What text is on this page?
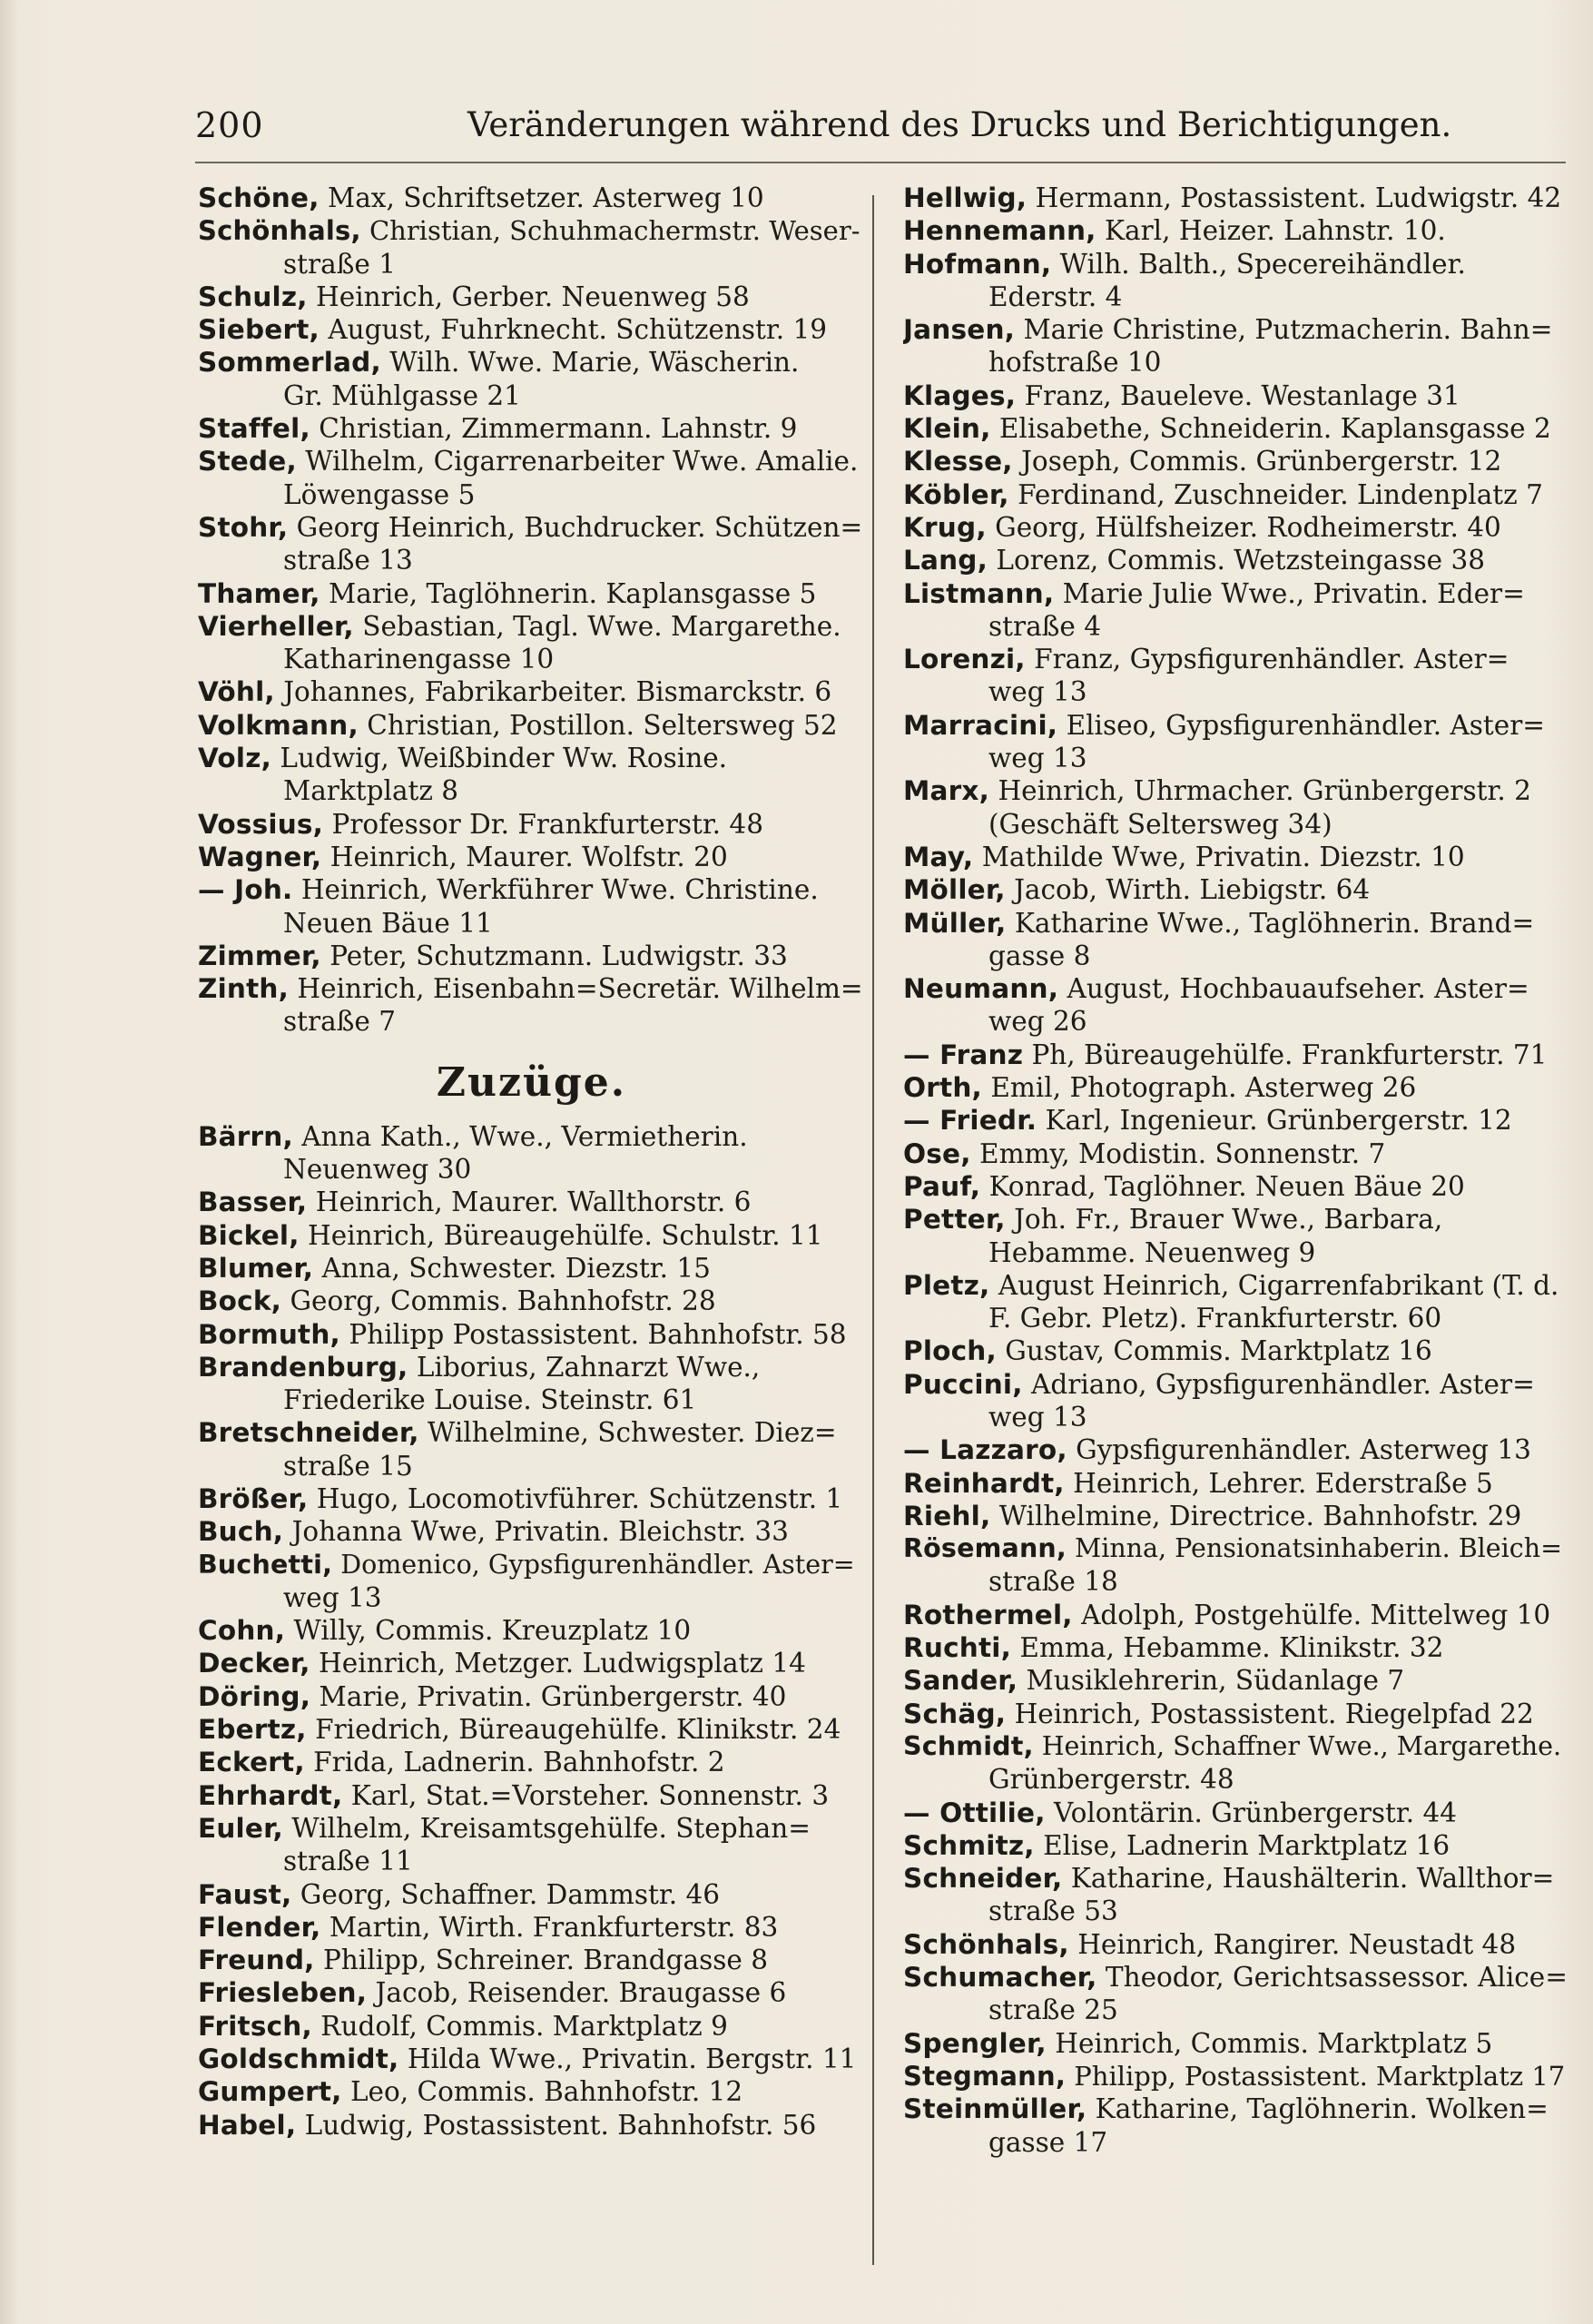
200	Veränderungen während des Drucks und Berichtigungen.
Schöne, Max, Schriftsetzer. Asterweg 10
Schönhals, Christian, Schuhmachermstr. Weser-
straße 1
Schulz, Heinrich, Gerber. Neuenweg 58
Siebert, August, Fuhrknecht. Schützenstr. 19
Sommerlad, Wilh. Wwe. Marie, Wäscherin.
Gr. Mühlgasse 21
Staffel, Christian, Zimmermann. Lahnstr. 9
Stede, Wilhelm, Cigarrenarbeiter Wwe. Amalie.
Löwengasse 5
Stohr, Georg Heinrich, Buchdrucker. Schützen=
straße 13
Thamer, Marie, Taglöhnerin. Kaplansgasse 5
Vierheller, Sebastian, Tagl. Wwe. Margarethe.
Katharinengasse 10
Vöhl, Johannes, Fabrikarbeiter. Bismarckstr. 6
Volkmann, Christian, Postillon. Seltersweg 52
Volz, Ludwig, Weißbinder Ww. Rosine.
Marktplatz 8
Vossius, Professor Dr. Frankfurterstr. 48
Wagner, Heinrich, Maurer. Wolfstr. 20
— Joh. Heinrich, Werkführer Wwe. Christine.
Neuen Bäue 11
Zimmer, Peter, Schutzmann. Ludwigstr. 33
Zinth, Heinrich, Eisenbahn=Secretär. Wilhelm=
straße 7
Zuzüge.
Bärrn, Anna Kath., Wwe., Vermietherin.
Neuenweg 30
Basser, Heinrich, Maurer. Wallthorstr. 6
Bickel, Heinrich, Büreaugehülfe. Schulstr. 11
Blumer, Anna, Schwester. Diezstr. 15
Bock, Georg, Commis. Bahnhofstr. 28
Bormuth, Philipp Postassistent. Bahnhofstr. 58
Brandenburg, Liborius, Zahnarzt Wwe.,
Friederike Louise. Steinstr. 61
Bretschneider, Wilhelmine, Schwester. Diez=
straße 15
Brößer, Hugo, Locomotivführer. Schützenstr. 1
Buch, Johanna Wwe, Privatin. Bleichstr. 33
Buchetti, Domenico, Gypsfigurenhändler. Aster=
weg 13
Cohn, Willy, Commis. Kreuzplatz 10
Decker, Heinrich, Metzger. Ludwigsplatz 14
Döring, Marie, Privatin. Grünbergerstr. 40
Ebertz, Friedrich, Büreaugehülfe. Klinikstr. 24
Eckert, Frida, Ladnerin. Bahnhofstr. 2
Ehrhardt, Karl, Stat.=Vorsteher. Sonnenstr. 3
Euler, Wilhelm, Kreisamtsgehülfe. Stephan=
straße 11
Faust, Georg, Schaffner. Dammstr. 46
Flender, Martin, Wirth. Frankfurterstr. 83
Freund, Philipp, Schreiner. Brandgasse 8
Friesleben, Jacob, Reisender. Braugasse 6
Fritsch, Rudolf, Commis. Marktplatz 9
Goldschmidt, Hilda Wwe., Privatin. Bergstr. 11
Gumpert, Leo, Commis. Bahnhofstr. 12
Habel, Ludwig, Postassistent. Bahnhofstr. 56
Hellwig, Hermann, Postassistent. Ludwigstr. 42
Hennemann, Karl, Heizer. Lahnstr. 10.
Hofmann, Wilh. Balth., Specereihändler.
Ederstr. 4
Jansen, Marie Christine, Putzmacherin. Bahn=
hofstraße 10
Klages, Franz, Baueleve. Westanlage 31
Klein, Elisabethe, Schneiderin. Kaplansgasse 2
Klesse, Joseph, Commis. Grünbergerstr. 12
Köbler, Ferdinand, Zuschneider. Lindenplatz 7
Krug, Georg, Hülfsheizer. Rodheimerstr. 40
Lang, Lorenz, Commis. Wetzsteingasse 38
Listmann, Marie Julie Wwe., Privatin. Eder=
straße 4
Lorenzi, Franz, Gypsfigurenhändler. Aster=
weg 13
Marracini, Eliseo, Gypsfigurenhändler. Aster=
weg 13
Marx, Heinrich, Uhrmacher. Grünbergerstr. 2
(Geschäft Seltersweg 34)
May, Mathilde Wwe, Privatin. Diezstr. 10
Möller, Jacob, Wirth. Liebigstr. 64
Müller, Katharine Wwe., Taglöhnerin. Brand=
gasse 8
Neumann, August, Hochbauaufseher. Aster=
weg 26
— Franz Ph, Büreaugehülfe. Frankfurterstr. 71
Orth, Emil, Photograph. Asterweg 26
— Friedr. Karl, Ingenieur. Grünbergerstr. 12
Ose, Emmy, Modistin. Sonnenstr. 7
Pauf, Konrad, Taglöhner. Neuen Bäue 20
Petter, Joh. Fr., Brauer Wwe., Barbara,
Hebamme. Neuenweg 9
Pletz, August Heinrich, Cigarrenfabrikant (T. d.
F. Gebr. Pletz). Frankfurterstr. 60
Ploch, Gustav, Commis. Marktplatz 16
Puccini, Adriano, Gypsfigurenhändler. Aster=
weg 13
— Lazzaro, Gypsfigurenhändler. Asterweg 13
Reinhardt, Heinrich, Lehrer. Ederstraße 5
Riehl, Wilhelmine, Directrice. Bahnhofstr. 29
Rösemann, Minna, Pensionatsinhaberin. Bleich=
straße 18
Rothermel, Adolph, Postgehülfe. Mittelweg 10
Ruchti, Emma, Hebamme. Klinikstr. 32
Sander, Musiklehrerin, Südanlage 7
Schäg, Heinrich, Postassistent. Riegelpfad 22
Schmidt, Heinrich, Schaffner Wwe., Margarethe.
Grünbergerstr. 48
— Ottilie, Volontärin. Grünbergerstr. 44
Schmitz, Elise, Ladnerin Marktplatz 16
Schneider, Katharine, Haushälterin. Wallthor=
straße 53
Schönhals, Heinrich, Rangirer. Neustadt 48
Schumacher, Theodor, Gerichtsassessor. Alice=
straße 25
Spengler, Heinrich, Commis. Marktplatz 5
Stegmann, Philipp, Postassistent. Marktplatz 17
Steinmüller, Katharine, Taglöhnerin. Wolken=
gasse 17
